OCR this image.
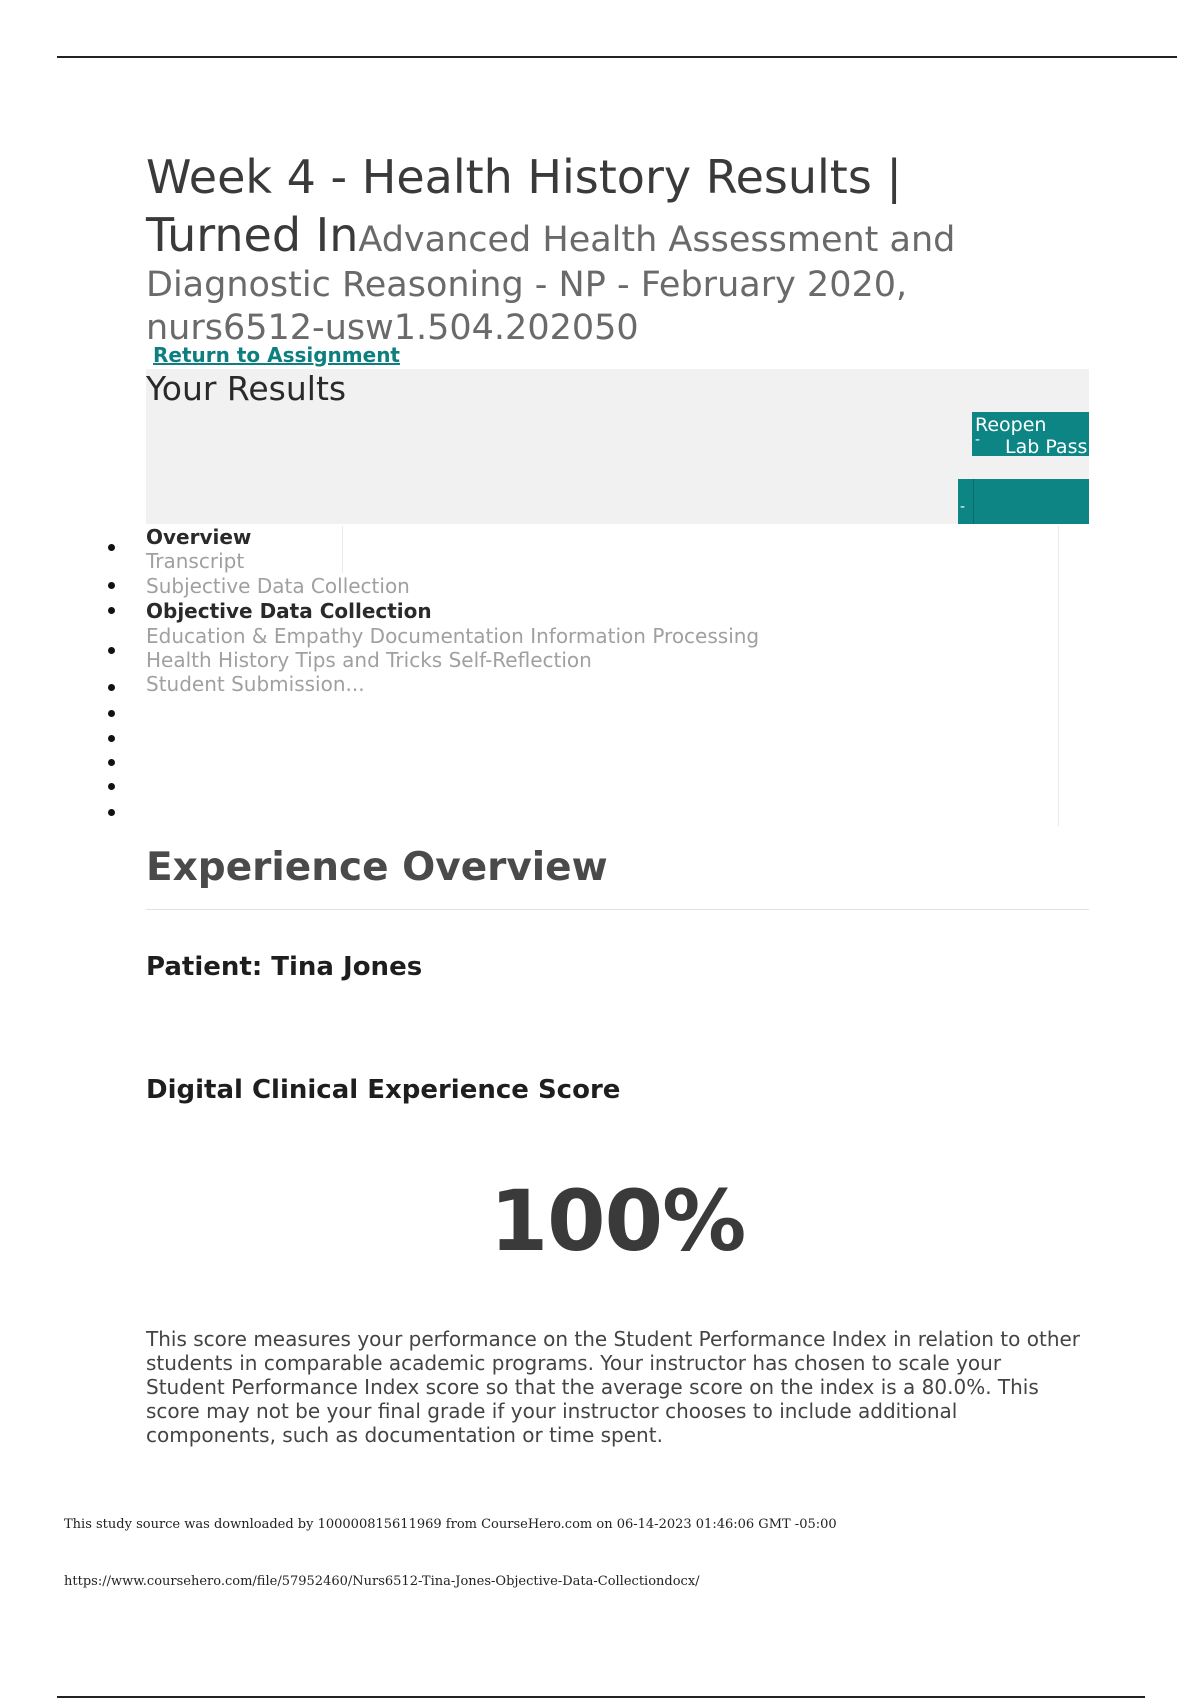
Week 4 - Health History Results | Turned InAdvanced Health Assessment and Diagnostic Reasoning - NP - February 2020, nurs6512-usw1.504.202050
Return to Assignment
Your Results
Reopen
- Lab Pass
-
Overview
Transcript
Subjective Data Collection
Objective Data Collection
Education & Empathy Documentation Information Processing
Health History Tips and Tricks Self-Reflection
Student Submission...
Experience Overview
Patient: Tina Jones
Digital Clinical Experience Score
100%

This score measures your performance on the Student Performance Index in relation to other students in comparable academic programs. Your instructor has chosen to scale your Student Performance Index score so that the average score on the index is a 80.0%. This score may not be your final grade if your instructor chooses to include additional components, such as documentation or time spent.

This study source was downloaded by 100000815611969 from CourseHero.com on 06-14-2023 01:46:06 GMT -05:00
https://www.coursehero.com/file/57952460/Nurs6512-Tina-Jones-Objective-Data-Collectiondocx/
